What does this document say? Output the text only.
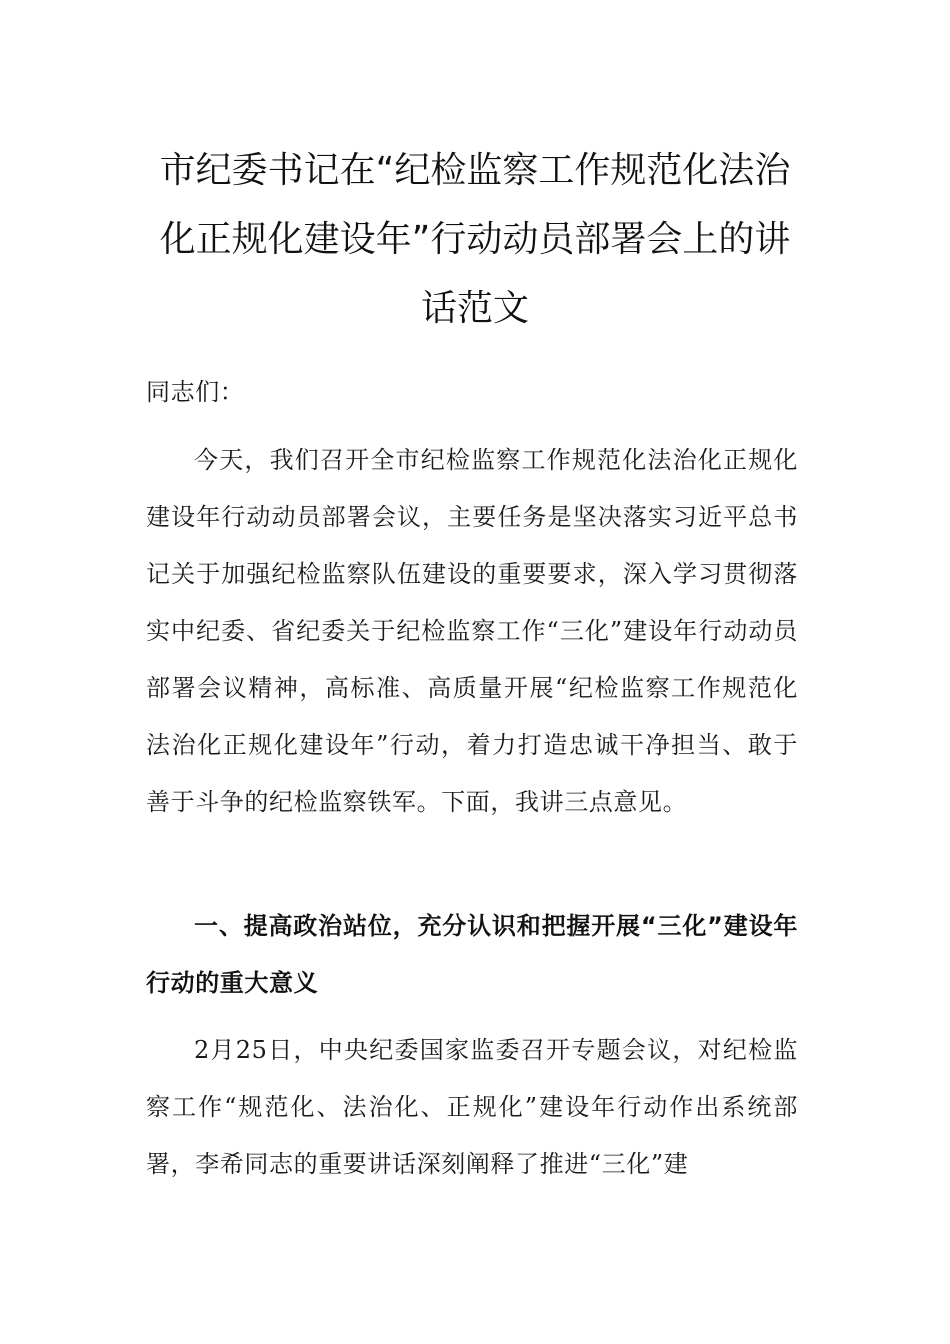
市纪委书记在“纪检监察工作规范化法治化正规化建设年”行动动员部署会上的讲话范文

同志们：

今天，我们召开全市纪检监察工作规范化法治化正规化建设年行动动员部署会议，主要任务是坚决落实习近平总书记关于加强纪检监察队伍建设的重要要求，深入学习贯彻落实中纪委、省纪委关于纪检监察工作“三化”建设年行动动员部署会议精神，高标准、高质量开展“纪检监察工作规范化法治化正规化建设年”行动，着力打造忠诚干净担当、敢于善于斗争的纪检监察铁军。下面，我讲三点意见。

一、提高政治站位，充分认识和把握开展“三化”建设年行动的重大意义

2月25日，中央纪委国家监委召开专题会议，对纪检监察工作“规范化、法治化、正规化”建设年行动作出系统部署，李希同志的重要讲话深刻阐释了推进“三化”建
